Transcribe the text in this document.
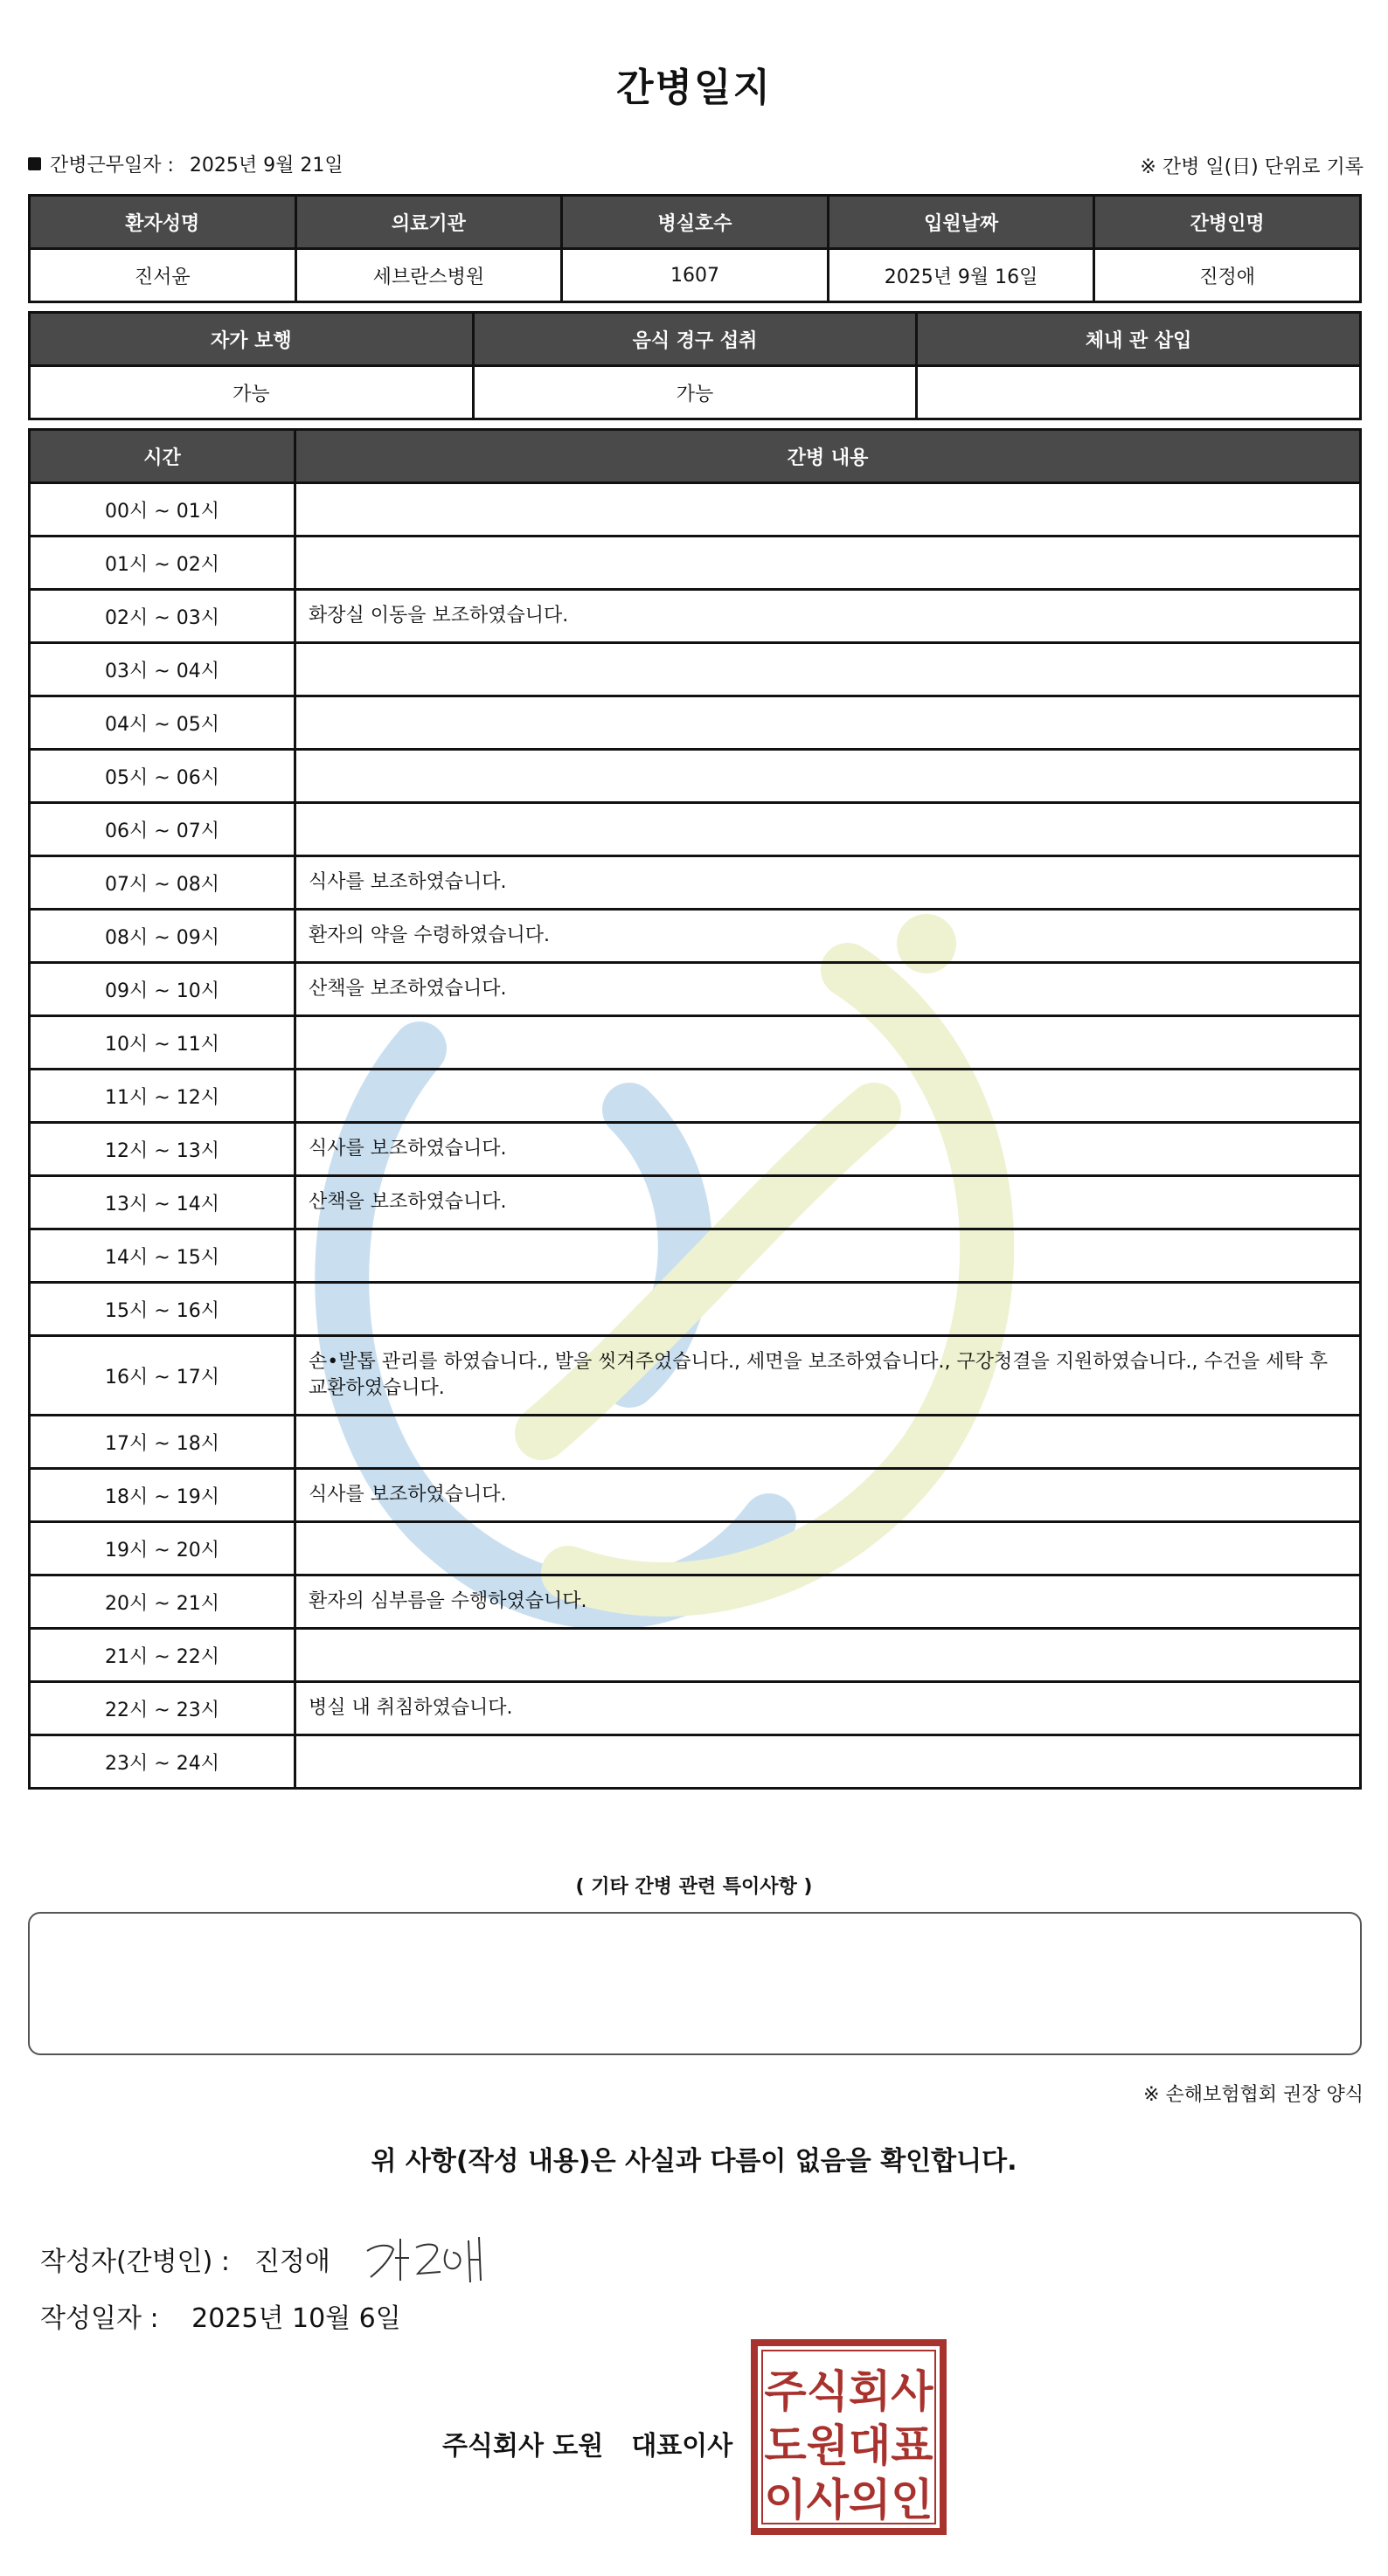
간병일지
간병근무일자 : 2025년 9월 21일	※ 간병 일(日) 단위로 기록
환자성명	의료기관	병실호수	입원날짜	간병인명
진서윤	세브란스병원	1607	2025년 9월 16일	진정애
자가 보행	음식 경구 섭취	체내 관 삽입
가능	가능	
시간	간병 내용
00시 ~ 01시	
01시 ~ 02시	
02시 ~ 03시	화장실 이동을 보조하였습니다.
03시 ~ 04시	
04시 ~ 05시	
05시 ~ 06시	
06시 ~ 07시	
07시 ~ 08시	식사를 보조하였습니다.
08시 ~ 09시	환자의 약을 수령하였습니다.
09시 ~ 10시	산책을 보조하였습니다.
10시 ~ 11시	
11시 ~ 12시	
12시 ~ 13시	식사를 보조하였습니다.
13시 ~ 14시	산책을 보조하였습니다.
14시 ~ 15시	
15시 ~ 16시	
16시 ~ 17시	손•발톱 관리를 하였습니다., 발을 씻겨주었습니다., 세면을 보조하였습니다., 구강청결을 지원하였습니다., 수건을 세탁 후 교환하였습니다.
17시 ~ 18시	
18시 ~ 19시	식사를 보조하였습니다.
19시 ~ 20시	
20시 ~ 21시	환자의 심부름을 수행하였습니다.
21시 ~ 22시	
22시 ~ 23시	병실 내 취침하였습니다.
23시 ~ 24시	
( 기타 간병 관련 특이사항 )
※ 손해보험협회 권장 양식
위 사항(작성 내용)은 사실과 다름이 없음을 확인합니다.
작성자(간병인) : 진정애
작성일자 : 2025년 10월 6일
주식회사 도원 대표이사
주식회사
도원대표
이사의인
